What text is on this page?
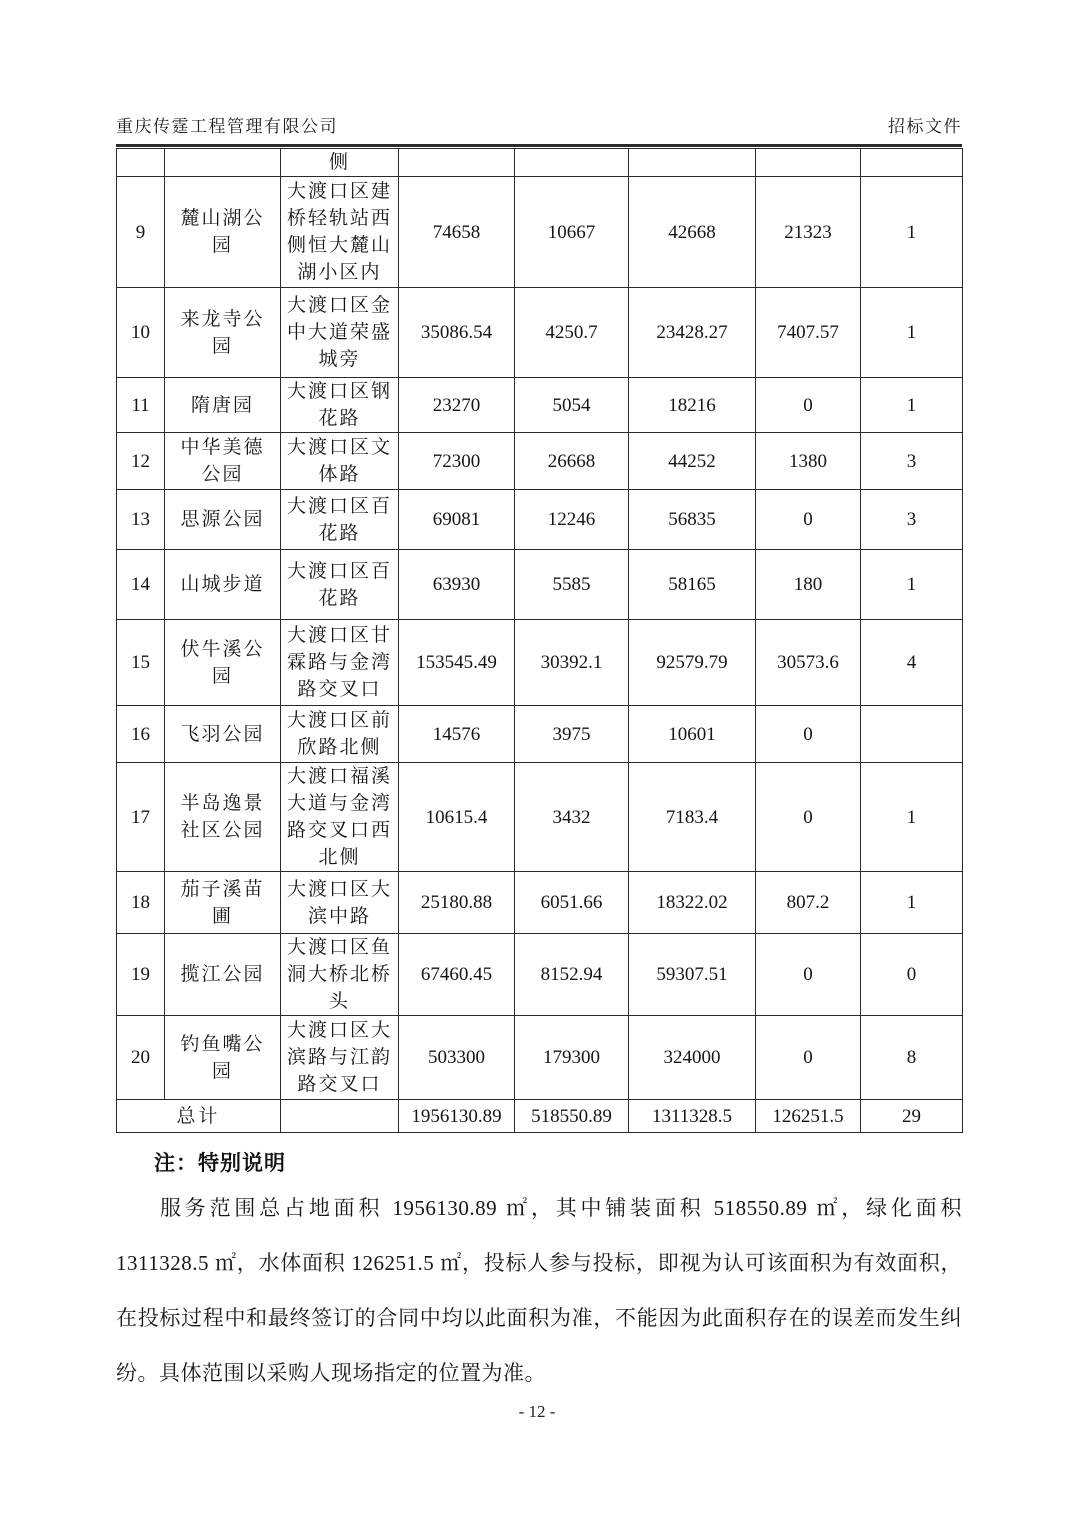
重庆传霆工程管理有限公司	招标文件

		侧					

9	麓山湖公园	大渡口区建桥轻轨站西侧恒大麓山湖小区内	74658	10667	42668	21323	1
10	来龙寺公园	大渡口区金中大道荣盛城旁	35086.54	4250.7	23428.27	7407.57	1
11	隋唐园	大渡口区钢花路	23270	5054	18216	0	1
12	中华美德公园	大渡口区文体路	72300	26668	44252	1380	3
13	思源公园	大渡口区百花路	69081	12246	56835	0	3
14	山城步道	大渡口区百花路	63930	5585	58165	180	1
15	伏牛溪公园	大渡口区甘霖路与金湾路交叉口	153545.49	30392.1	92579.79	30573.6	4
16	飞羽公园	大渡口区前欣路北侧	14576	3975	10601	0	
17	半岛逸景社区公园	大渡口福溪大道与金湾路交叉口西北侧	10615.4	3432	7183.4	0	1
18	茄子溪苗圃	大渡口区大滨中路	25180.88	6051.66	18322.02	807.2	1
19	揽江公园	大渡口区鱼洞大桥北桥头	67460.45	8152.94	59307.51	0	0
20	钓鱼嘴公园	大渡口区大滨路与江韵路交叉口	503300	179300	324000	0	8
总计			1956130.89	518550.89	1311328.5	126251.5	29
注：特别说明

服务范围总占地面积 1956130.89 ㎡，其中铺装面积 518550.89 ㎡，绿化面积 1311328.5 ㎡，水体面积 126251.5 ㎡，投标人参与投标，即视为认可该面积为有效面积，在投标过程中和最终签订的合同中均以此面积为准，不能因为此面积存在的误差而发生纠纷。具体范围以采购人现场指定的位置为准。

- 12 -
